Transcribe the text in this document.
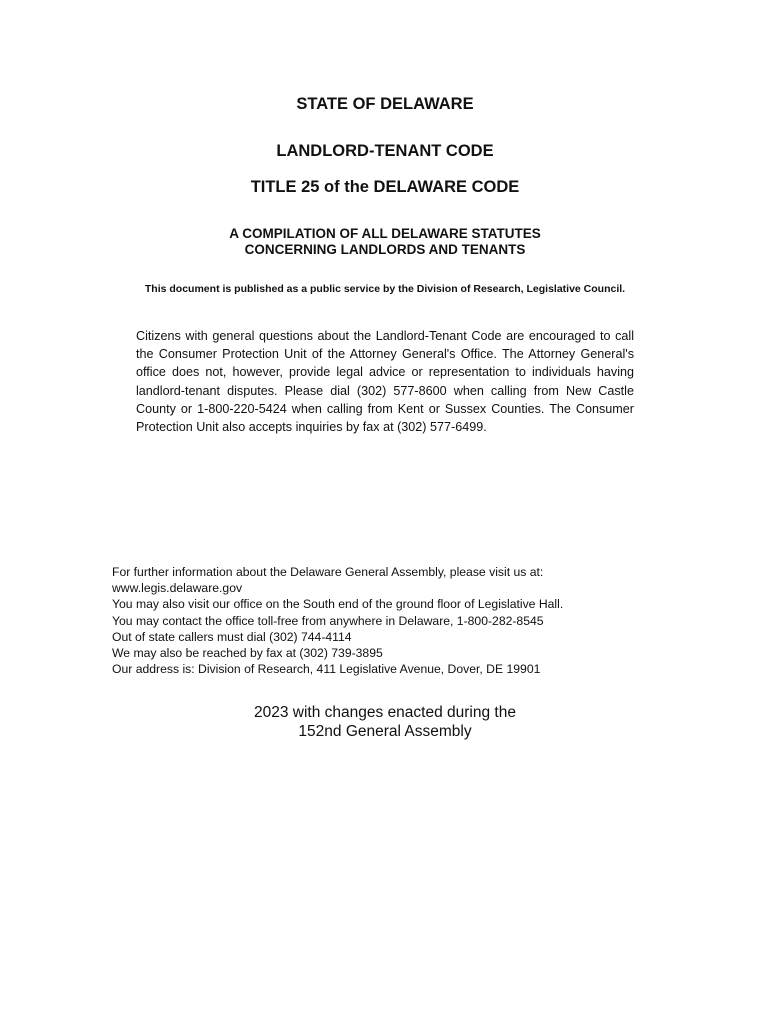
STATE OF DELAWARE
LANDLORD-TENANT CODE
TITLE 25 of the DELAWARE CODE
A COMPILATION OF ALL DELAWARE STATUTES
CONCERNING LANDLORDS AND TENANTS
This document is published as a public service by the Division of Research, Legislative Council.
Citizens with general questions about the Landlord-Tenant Code are encouraged to call the Consumer Protection Unit of the Attorney General's Office. The Attorney General's office does not, however, provide legal advice or representation to individuals having landlord-tenant disputes. Please dial (302) 577-8600 when calling from New Castle County or 1-800-220-5424 when calling from Kent or Sussex Counties. The Consumer Protection Unit also accepts inquiries by fax at (302) 577-6499.
For further information about the Delaware General Assembly, please visit us at:
www.legis.delaware.gov
You may also visit our office on the South end of the ground floor of Legislative Hall.
You may contact the office toll-free from anywhere in Delaware, 1-800-282-8545
Out of state callers must dial (302) 744-4114
We may also be reached by fax at (302) 739-3895
Our address is: Division of Research, 411 Legislative Avenue, Dover, DE 19901
2023 with changes enacted during the
152nd General Assembly
